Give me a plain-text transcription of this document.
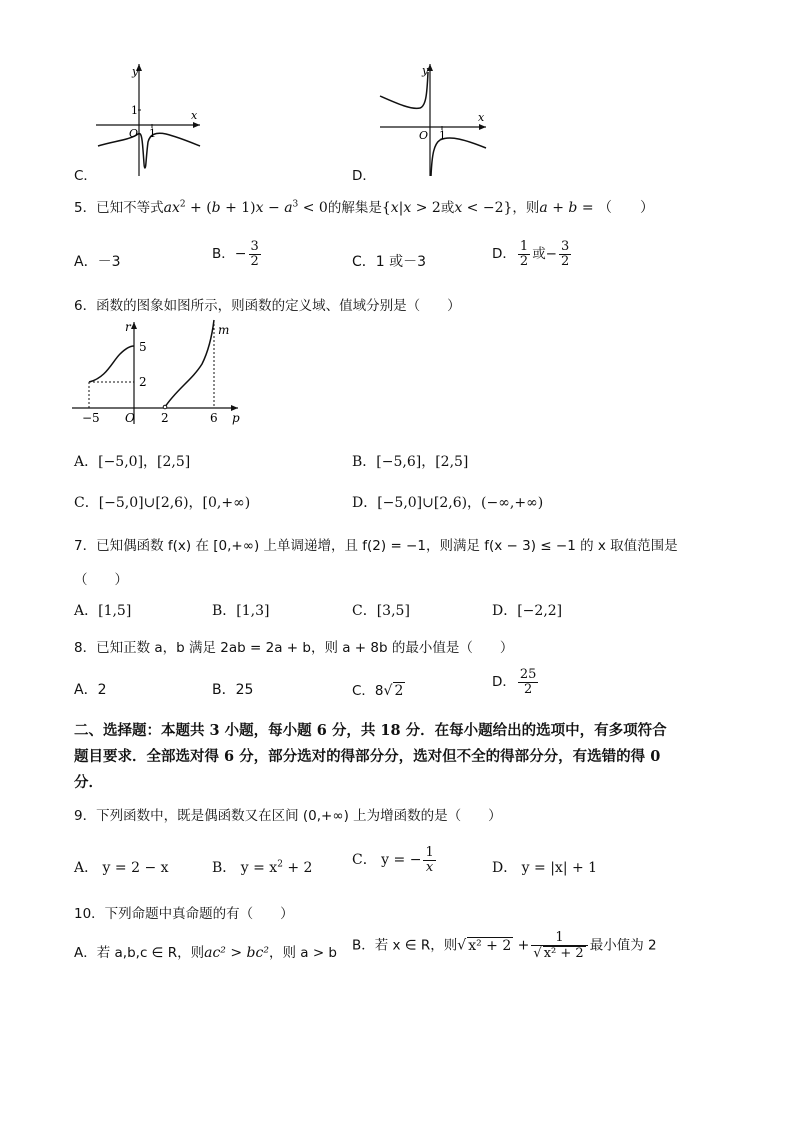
y
x
O 1
1
C．
y
x
O 1
D．
5．已知不等式$ax^2 + (b + 1)x - a^3 < 0$的解集是{x|x > 2或x < −2}，则a + b = （　　）
A．－3	B．− $\frac{3}{2}$	C．1 或－3	D． $\frac{1}{2}$ 或− $\frac{3}{2}$
6．函数的图象如图所示，则函数的定义域、值域分别是（　　）
r	m
p
5
2
−5 O 2	6
A．[−5,0]，[2,5]	B．[−5,6]，[2,5]
C．[−5,0]∪[2,6)，[0,+∞)	D．[−5,0]∪[2,6)，(−∞,+∞)
7．已知偶函数 f(x) 在 [0,+∞) 上单调递增，且 f(2) = −1，则满足 f(x − 3) ≤ −1 的 x 取值范围是
（　　）
A．[1,5]	B．[1,3]	C．[3,5]	D．[−2,2]
8．已知正数 a，b 满足 2ab = 2a + b，则 a + 8b 的最小值是（　　）
A．2	B．25	C．8√ 2
D． $\frac{25}{2}$
二、选择题：本题共 3 小题，每小题 6 分，共 18 分．在每小题给出的选项中，有多项符合
题目要求．全部选对得 6 分，部分选对的得部分分，选对但不全的得部分分，有选错的得 0
分．
9．下列函数中，既是偶函数又在区间 (0,+∞) 上为增函数的是（　　）
A． y = 2 − x	B． $y = x^2 + 2$	C． y = − $\frac{1}{x}$	D． y = |x| + 1
10．下列命题中真命题的有（　　）
A．若 a,b,c ∈ R，则ac² > bc²，则 a > b B．若 x ∈ R，则√ $x^2 + 2 + \frac{1}{\text{√ x² + 2}}$ 最小值为 2
